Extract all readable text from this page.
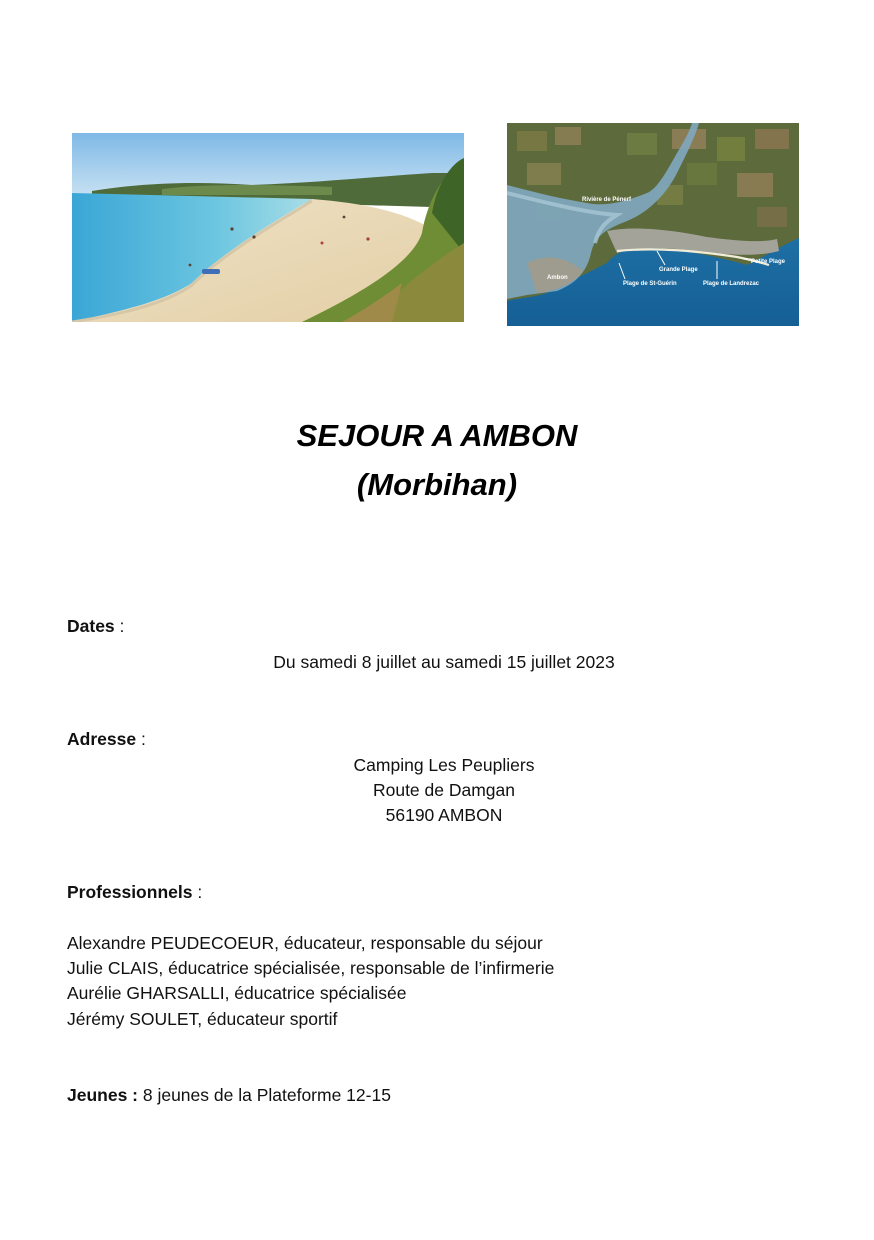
Rivière de Pénerf
Ambon
Plage de St-Guérin
Grande Plage
Plage de Landrezac
Petite Plage
SEJOUR A AMBON
(Morbihan)
Dates :
Du samedi 8 juillet au samedi 15 juillet 2023
Adresse :
Camping Les Peupliers
Route de Damgan
56190 AMBON
Professionnels :
Alexandre PEUDECOEUR, éducateur, responsable du séjour
Julie CLAIS, éducatrice spécialisée, responsable de l’infirmerie
Aurélie GHARSALLI, éducatrice spécialisée
Jérémy SOULET, éducateur sportif
Jeunes : 8 jeunes de la Plateforme 12-15
